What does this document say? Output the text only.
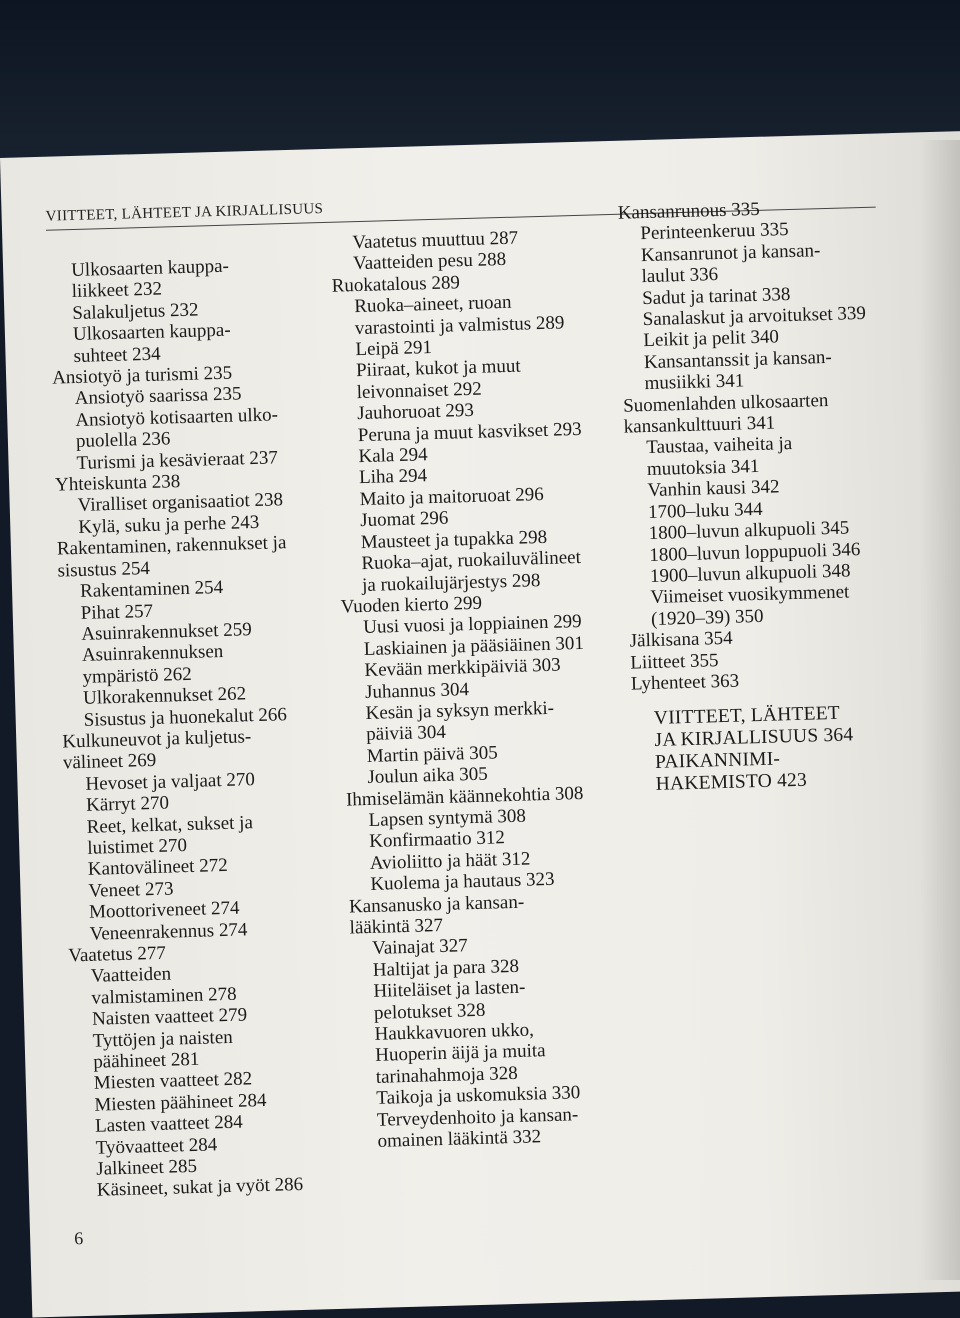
VIITTEET, LÄHTEET JA KIRJALLISUUS
Ulkosaarten kauppa-
liikkeet 232
Salakuljetus 232
Ulkosaarten kauppa-
suhteet 234
Ansiotyö ja turismi 235
Ansiotyö saarissa 235
Ansiotyö kotisaarten ulko-
puolella 236
Turismi ja kesävieraat 237
Yhteiskunta 238
Viralliset organisaatiot 238
Kylä, suku ja perhe 243
Rakentaminen, rakennukset ja
sisustus 254
Rakentaminen 254
Pihat 257
Asuinrakennukset 259
Asuinrakennuksen
ympäristö 262
Ulkorakennukset 262
Sisustus ja huonekalut 266
Kulkuneuvot ja kuljetus-
välineet 269
Hevoset ja valjaat 270
Kärryt 270
Reet, kelkat, sukset ja
luistimet 270
Kantovälineet 272
Veneet 273
Moottoriveneet 274
Veneenrakennus 274
Vaatetus 277
Vaatteiden
valmistaminen 278
Naisten vaatteet 279
Tyttöjen ja naisten
päähineet 281
Miesten vaatteet 282
Miesten päähineet 284
Lasten vaatteet 284
Työvaatteet 284
Jalkineet 285
Käsineet, sukat ja vyöt 286
Vaatetus muuttuu 287
Vaatteiden pesu 288
Ruokatalous 289
Ruoka–aineet, ruoan
varastointi ja valmistus 289
Leipä 291
Piiraat, kukot ja muut
leivonnaiset 292
Jauhoruoat 293
Peruna ja muut kasvikset 293
Kala 294
Liha 294
Maito ja maitoruoat 296
Juomat 296
Mausteet ja tupakka 298
Ruoka–ajat, ruokailuvälineet
ja ruokailujärjestys 298
Vuoden kierto 299
Uusi vuosi ja loppiainen 299
Laskiainen ja pääsiäinen 301
Kevään merkkipäiviä 303
Juhannus 304
Kesän ja syksyn merkki-
päiviä 304
Martin päivä 305
Joulun aika 305
Ihmiselämän käännekohtia 308
Lapsen syntymä 308
Konfirmaatio 312
Avioliitto ja häät 312
Kuolema ja hautaus 323
Kansanusko ja kansan-
lääkintä 327
Vainajat 327
Haltijat ja para 328
Hiiteläiset ja lasten-
pelotukset 328
Haukkavuoren ukko,
Huoperin äijä ja muita
tarinahahmoja 328
Taikoja ja uskomuksia 330
Terveydenhoito ja kansan-
omainen lääkintä 332
Kansanrunous 335
Perinteenkeruu 335
Kansanrunot ja kansan-
laulut 336
Sadut ja tarinat 338
Sanalaskut ja arvoitukset 339
Leikit ja pelit 340
Kansantanssit ja kansan-
musiikki 341
Suomenlahden ulkosaarten
kansankulttuuri 341
Taustaa, vaiheita ja
muutoksia 341
Vanhin kausi 342
1700–luku 344
1800–luvun alkupuoli 345
1800–luvun loppupuoli 346
1900–luvun alkupuoli 348
Viimeiset vuosikymmenet
(1920–39) 350
Jälkisana 354
Liitteet 355
Lyhenteet 363
VIITTEET, LÄHTEET
JA KIRJALLISUUS 364
PAIKANNIMI-
HAKEMISTO 423
6
